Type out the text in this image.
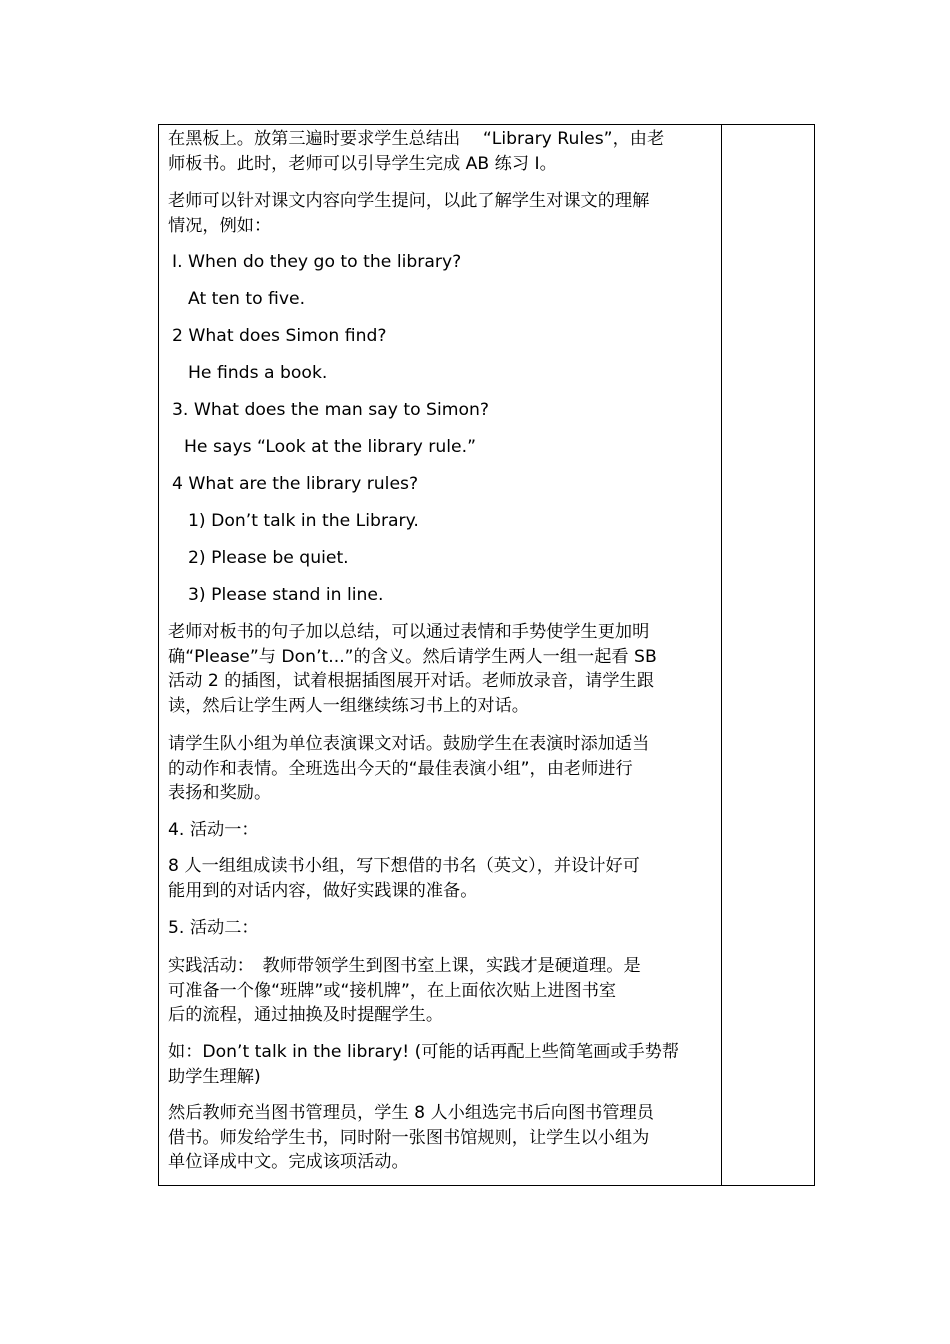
在黑板上。放第三遍时要求学生总结出　 “Library Rules”，由老
师板书。此时，老师可以引导学生完成 AB 练习 I。
老师可以针对课文内容向学生提问，以此了解学生对课文的理解
情况，例如：
I. When do they go to the library?
At ten to five.
2 What does Simon find?
He finds a book.
3. What does the man say to Simon?
He says “Look at the library rule.”
4 What are the library rules?
1) Don’t talk in the Library.
2) Please be quiet.
3) Please stand in line.
老师对板书的句子加以总结，可以通过表情和手势使学生更加明
确“Please”与 Don’t...”的含义。然后请学生两人一组一起看 SB
活动 2 的插图，试着根据插图展开对话。老师放录音，请学生跟
读，然后让学生两人一组继续练习书上的对话。
请学生队小组为单位表演课文对话。鼓励学生在表演时添加适当
的动作和表情。全班选出今天的“最佳表演小组”，由老师进行
表扬和奖励。
4. 活动一：
8 人一组组成读书小组，写下想借的书名（英文），并设计好可
能用到的对话内容，做好实践课的准备。
5. 活动二：
实践活动：　教师带领学生到图书室上课，实践才是硬道理。是
可准备一个像“班牌”或“接机牌”，在上面依次贴上进图书室
后的流程，通过抽换及时提醒学生。
如：Don’t talk in the library! (可能的话再配上些简笔画或手势帮
助学生理解)
然后教师充当图书管理员，学生 8 人小组选完书后向图书管理员
借书。师发给学生书，同时附一张图书馆规则，让学生以小组为
单位译成中文。完成该项活动。
